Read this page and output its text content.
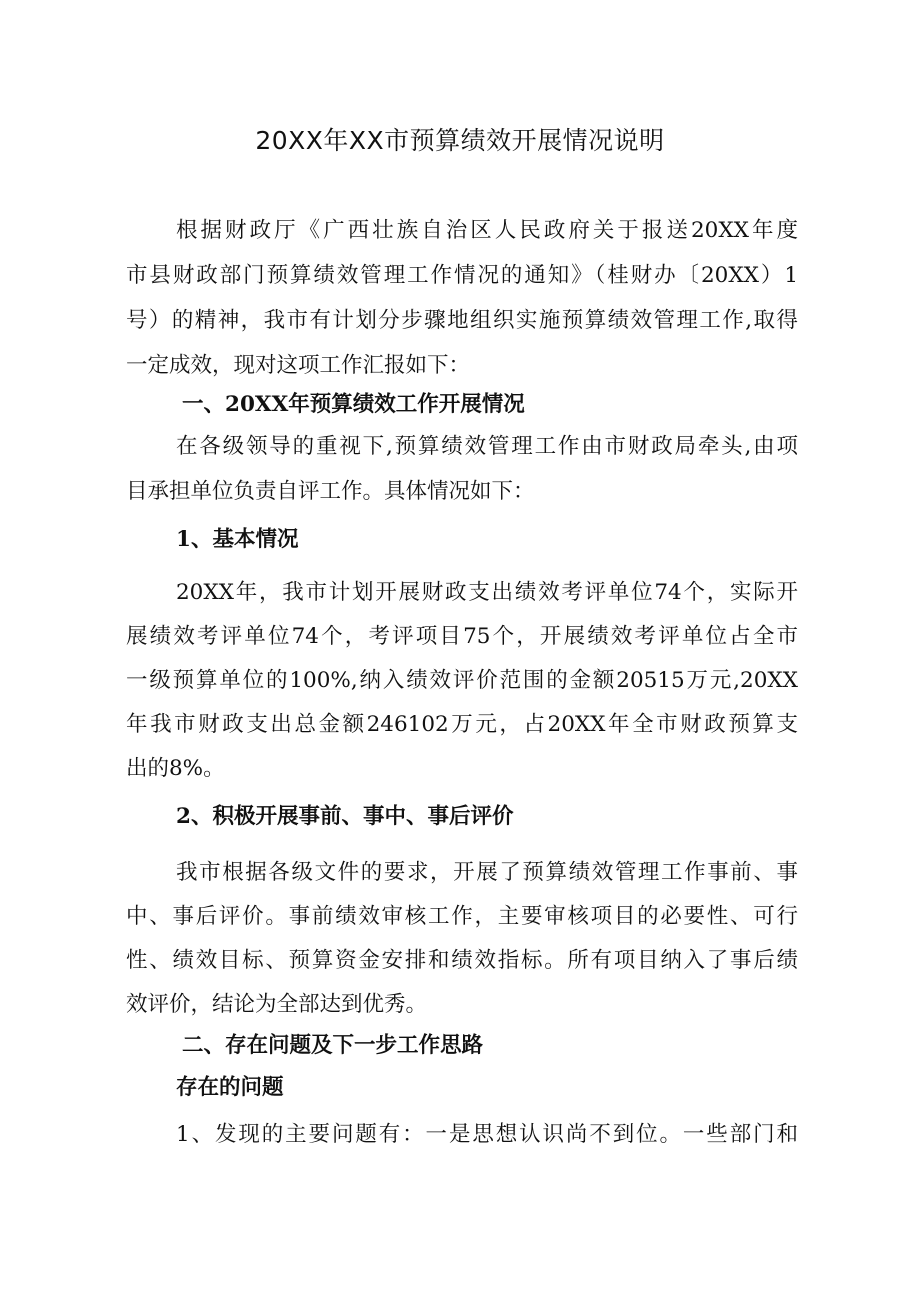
20XX年XX市预算绩效开展情况说明
根据财政厅《广西壮族自治区人民政府关于报送20XX年度
市县财政部门预算绩效管理工作情况的通知》（桂财办〔20XX）1
号）的精神，我市有计划分步骤地组织实施预算绩效管理工作,取得
一定成效，现对这项工作汇报如下：
一、20XX年预算绩效工作开展情况
在各级领导的重视下,预算绩效管理工作由市财政局牵头,由项
目承担单位负责自评工作。具体情况如下：
1、基本情况
20XX年，我市计划开展财政支出绩效考评单位74个，实际开
展绩效考评单位74个，考评项目75个，开展绩效考评单位占全市
一级预算单位的100%,纳入绩效评价范围的金额20515万元,20XX
年我市财政支出总金额246102万元，占20XX年全市财政预算支
出的8%。
2、积极开展事前、事中、事后评价
我市根据各级文件的要求，开展了预算绩效管理工作事前、事
中、事后评价。事前绩效审核工作，主要审核项目的必要性、可行
性、绩效目标、预算资金安排和绩效指标。所有项目纳入了事后绩
效评价，结论为全部达到优秀。
二、存在问题及下一步工作思路
存在的问题
1、发现的主要问题有：一是思想认识尚不到位。一些部门和
